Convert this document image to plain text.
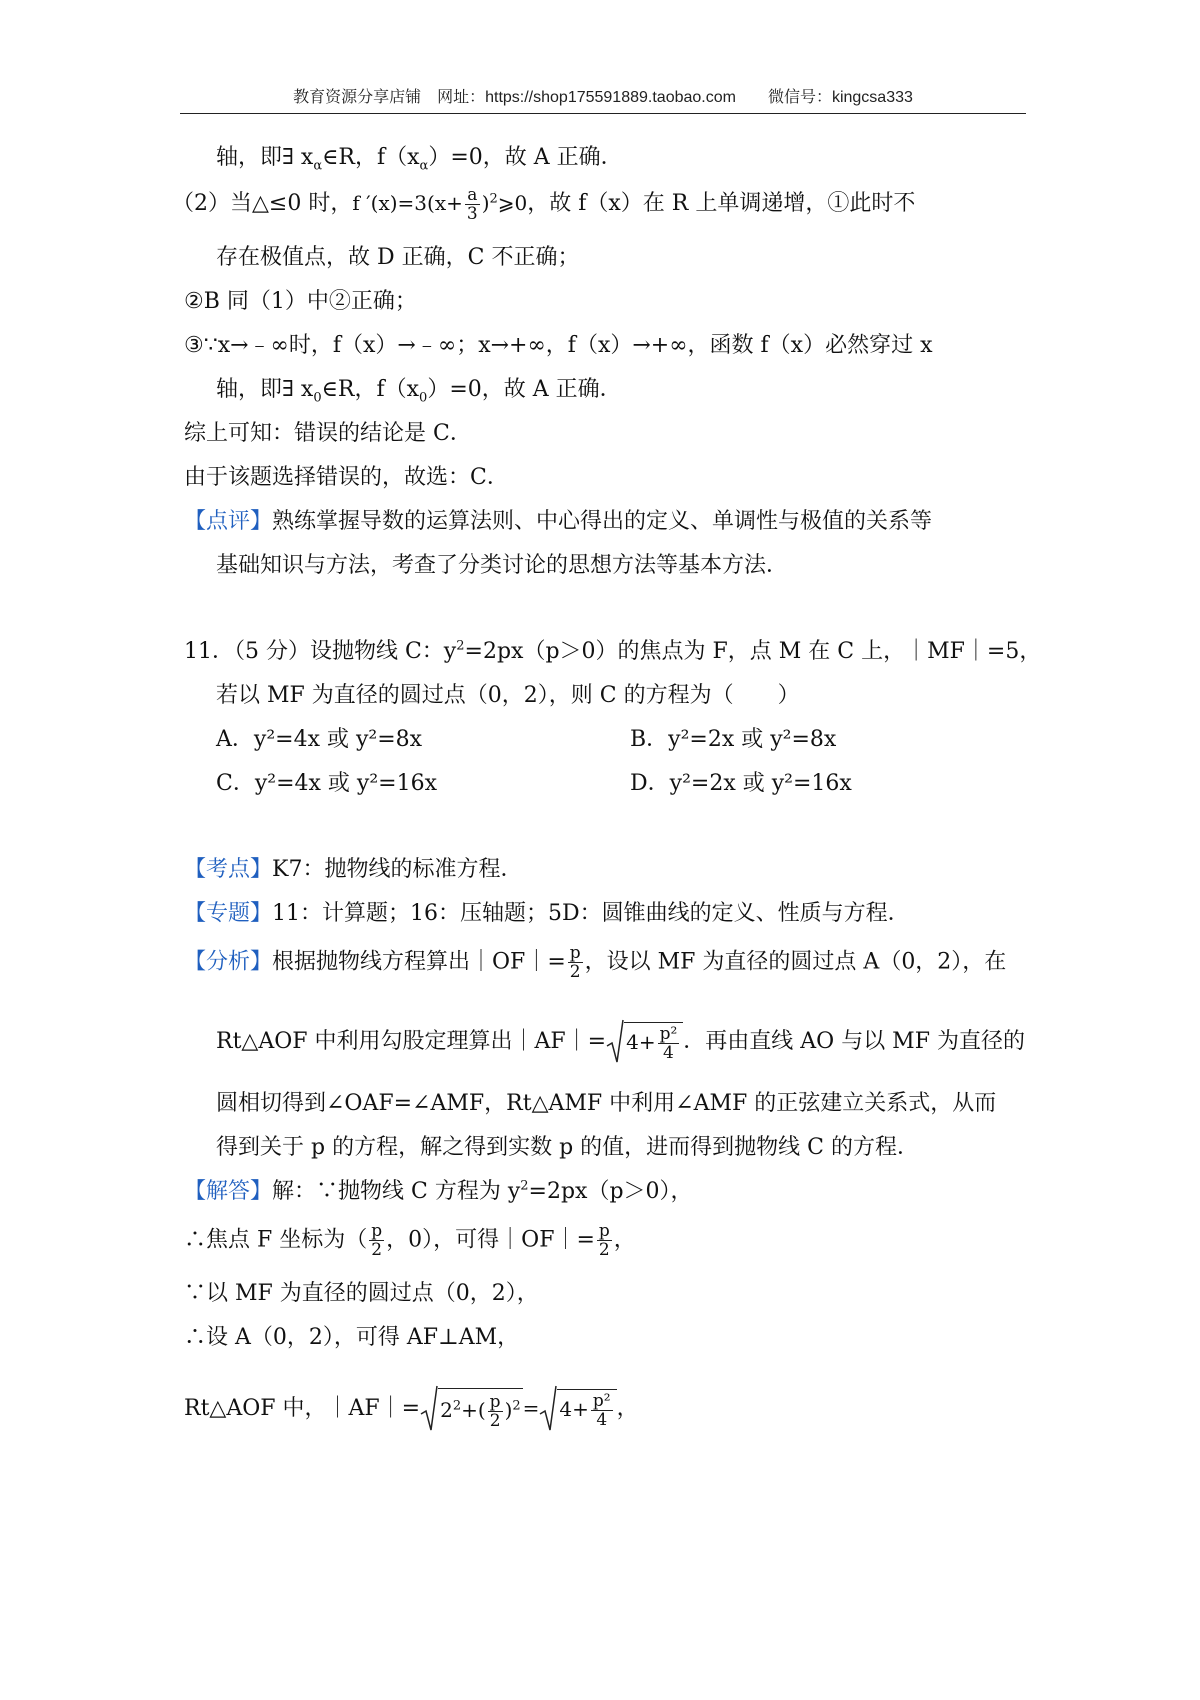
教育资源分享店铺　网址：https://shop175591889.taobao.com　　微信号：kingcsa333
轴，即∃ $x_\alpha\in R$，$f(x_\alpha)=0$，故 A 正确．
（2）当△≤0 时，f $'(x)=3(x+ \frac{a}{3}$ )$^2⩾0$，故 f（x）在 R 上单调递增，①此时不
存在极值点，故 D 正确，C 不正确；
②B 同（1）中②正确；
③∵x→﹣∞时，f（x）→﹣∞；x→+∞，f（x）→+∞，函数 f（x）必然穿过 x
轴，即∃ $x_0\in R$，$f(x_0)=0$，故 A 正确．
综上可知：错误的结论是 C．
由于该题选择错误的，故选：C．
【点评】熟练掌握导数的运算法则、中心得出的定义、单调性与极值的关系等
基础知识与方法，考查了分类讨论的思想方法等基本方法．
11．（5 分）设抛物线 C：$y^2=2px(p>0)$的焦点为 F，点 M 在 C 上，｜MF｜=5，
若以 MF 为直径的圆过点（0，2），则 C 的方程为（　　）
A．y²=4x 或 y²=8x	B．y²=2x 或 y²=8x
C．y²=4x 或 y²=16x	D．y²=2x 或 y²=16x
【考点】K7：抛物线的标准方程．
【专题】11：计算题；16：压轴题；5D：圆锥曲线的定义、性质与方程．
【分析】根据抛物线方程算出｜OF｜= $\frac{p}{2}$ ，设以 MF 为直径的圆过点 A（0，2），在
Rt△AOF 中利用勾股定理算出｜AF｜= $4+ \frac{\text{p²}}{4}$ ．再由直线 AO 与以 MF 为直径的
圆相切得到∠OAF=∠AMF，Rt△AMF 中利用∠AMF 的正弦建立关系式，从而
得到关于 p 的方程，解之得到实数 p 的值，进而得到抛物线 C 的方程．
【解答】解：∵抛物线 C 方程为 $y^2=2px(p>0)$，
∴焦点 F 坐标为（ $\frac{p}{2}$ ，0），可得｜OF｜= $\frac{p}{2}$ ，
∵以 MF 为直径的圆过点（0，2），
∴设 A（0，2），可得 AF⊥AM，
Rt△AOF 中，｜AF｜= $2^2+( \frac{p}{2} )^2 = 4+ \frac{\text{p²}}{4}$ ，
